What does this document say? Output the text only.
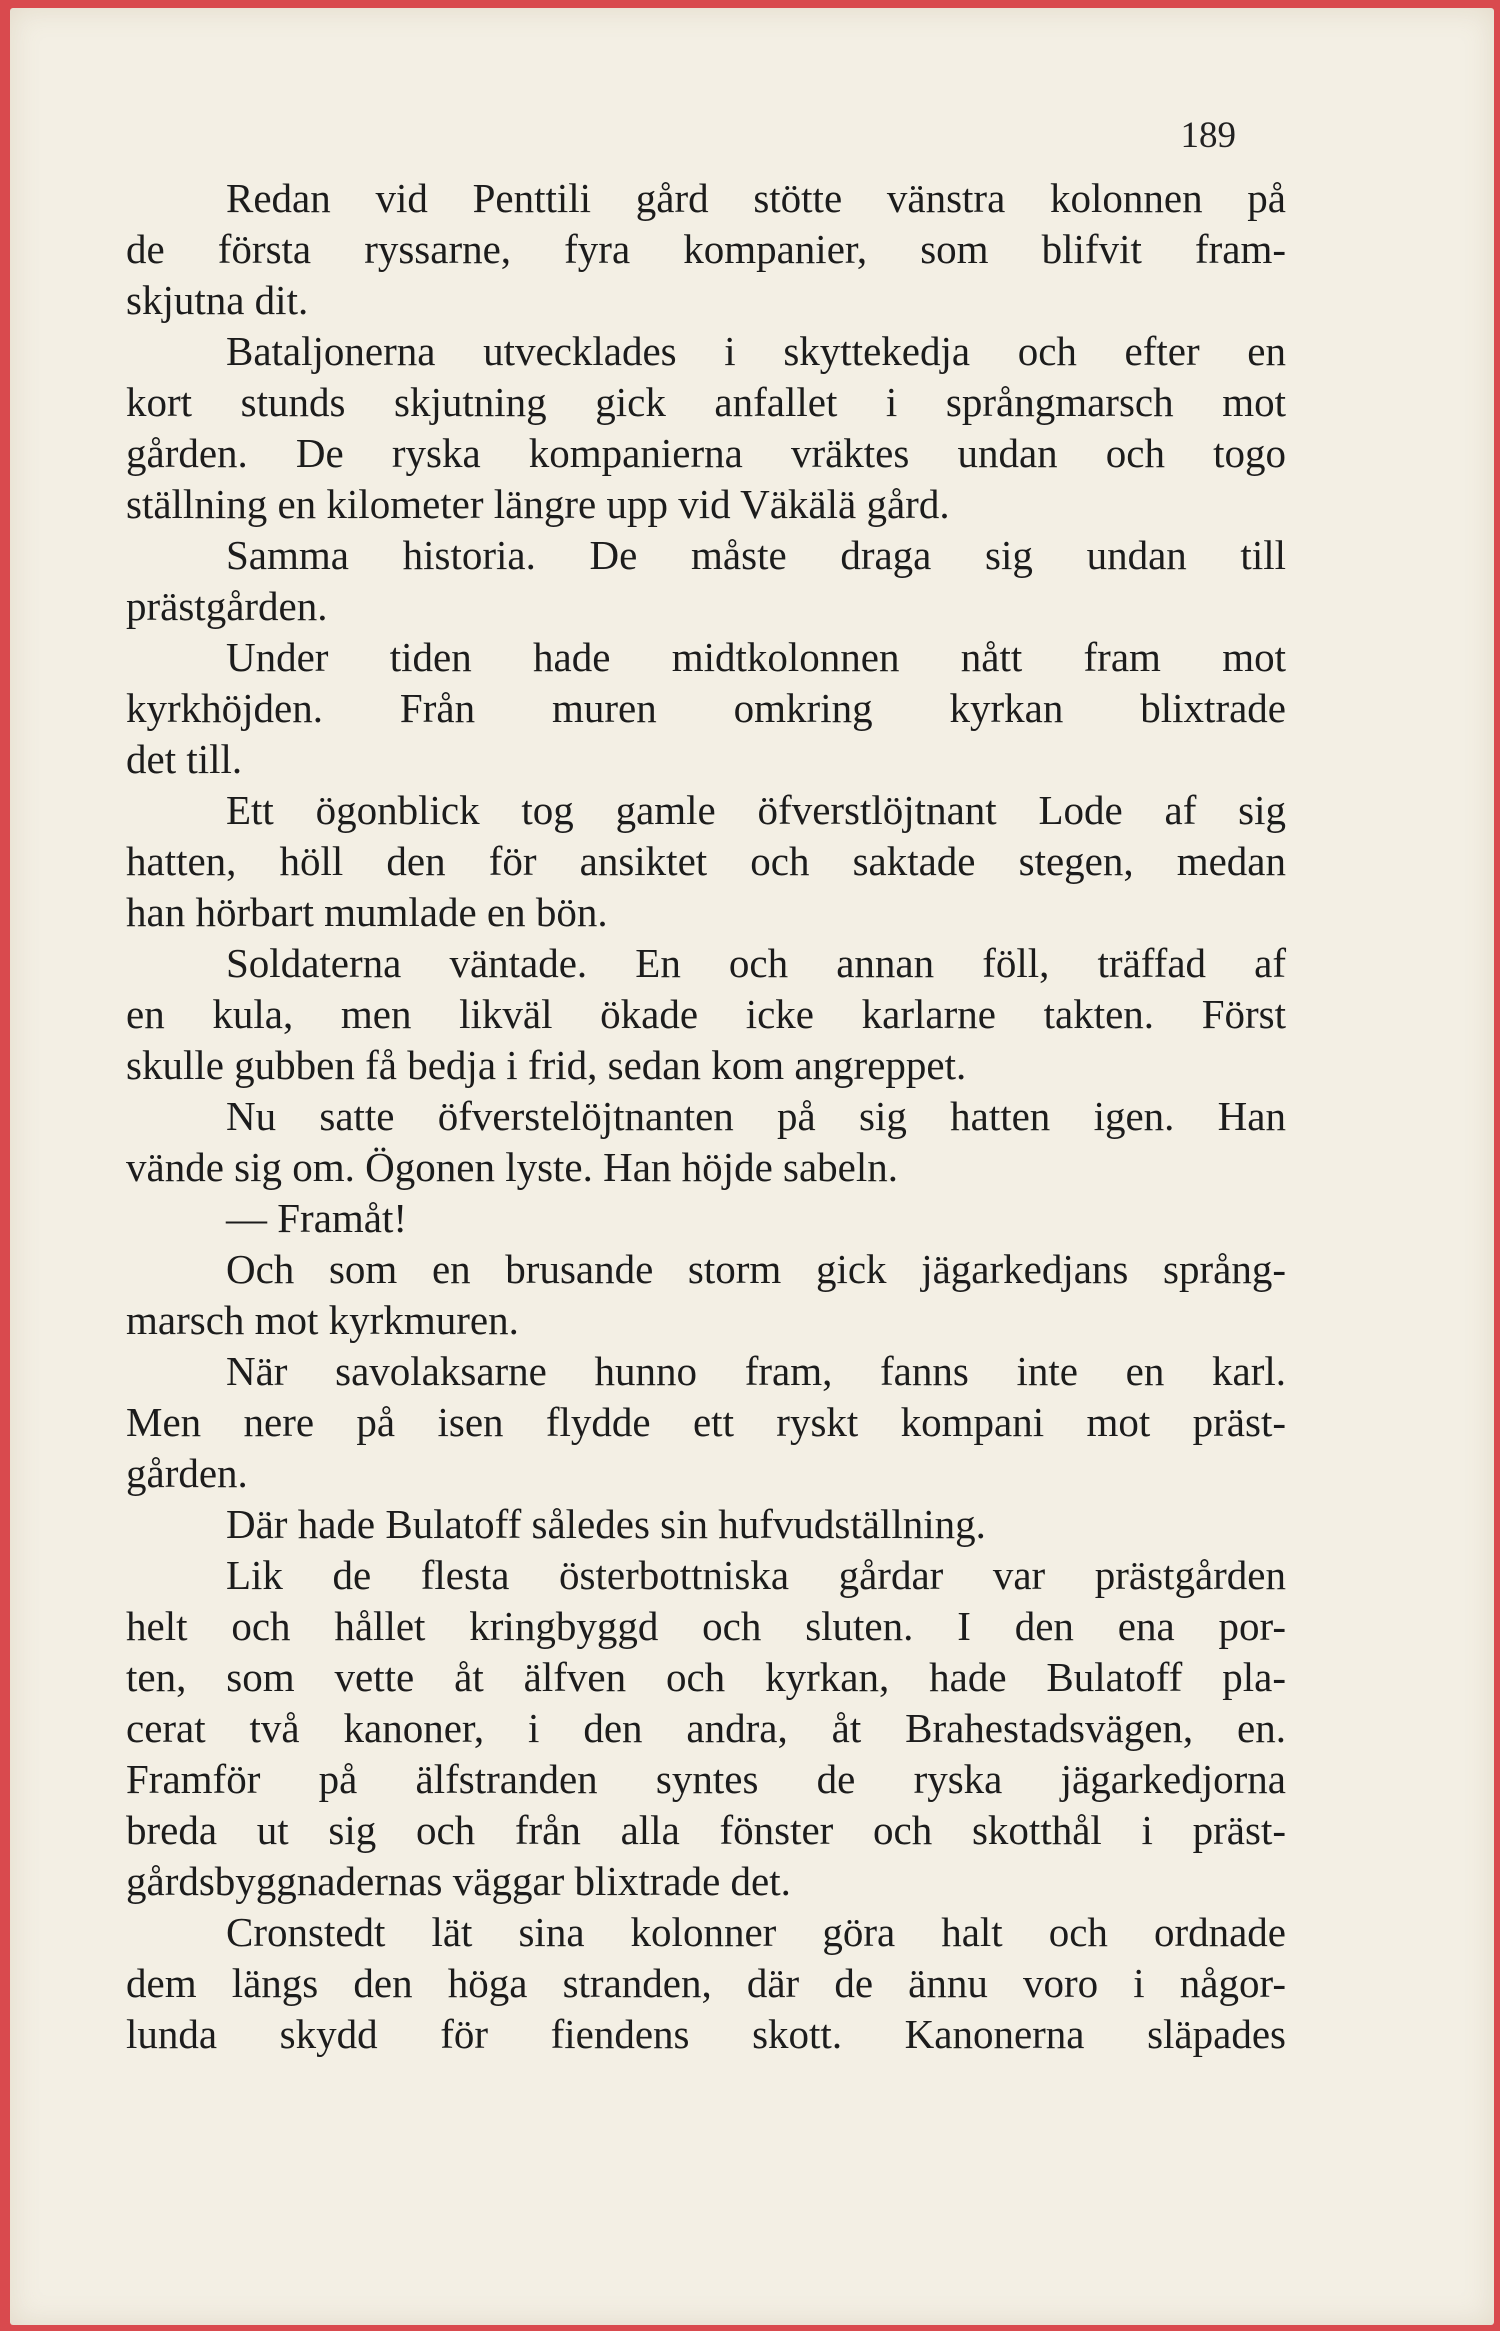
189
Redan vid Penttili gård stötte vänstra kolonnen på
de första ryssarne, fyra kompanier, som blifvit fram-
skjutna dit.
Bataljonerna utvecklades i skyttekedja och efter en
kort stunds skjutning gick anfallet i språngmarsch mot
gården. De ryska kompanierna vräktes undan och togo
ställning en kilometer längre upp vid Väkälä gård.
Samma historia. De måste draga sig undan till
prästgården.
Under tiden hade midtkolonnen nått fram mot
kyrkhöjden. Från muren omkring kyrkan blixtrade
det till.
Ett ögonblick tog gamle öfverstlöjtnant Lode af sig
hatten, höll den för ansiktet och saktade stegen, medan
han hörbart mumlade en bön.
Soldaterna väntade. En och annan föll, träffad af
en kula, men likväl ökade icke karlarne takten. Först
skulle gubben få bedja i frid, sedan kom angreppet.
Nu satte öfverstelöjtnanten på sig hatten igen. Han
vände sig om. Ögonen lyste. Han höjde sabeln.
— Framåt!
Och som en brusande storm gick jägarkedjans språng-
marsch mot kyrkmuren.
När savolaksarne hunno fram, fanns inte en karl.
Men nere på isen flydde ett ryskt kompani mot präst-
gården.
Där hade Bulatoff således sin hufvudställning.
Lik de flesta österbottniska gårdar var prästgården
helt och hållet kringbyggd och sluten. I den ena por-
ten, som vette åt älfven och kyrkan, hade Bulatoff pla-
cerat två kanoner, i den andra, åt Brahestadsvägen, en.
Framför på älfstranden syntes de ryska jägarkedjorna
breda ut sig och från alla fönster och skotthål i präst-
gårdsbyggnadernas väggar blixtrade det.
Cronstedt lät sina kolonner göra halt och ordnade
dem längs den höga stranden, där de ännu voro i någor-
lunda skydd för fiendens skott. Kanonerna släpades
